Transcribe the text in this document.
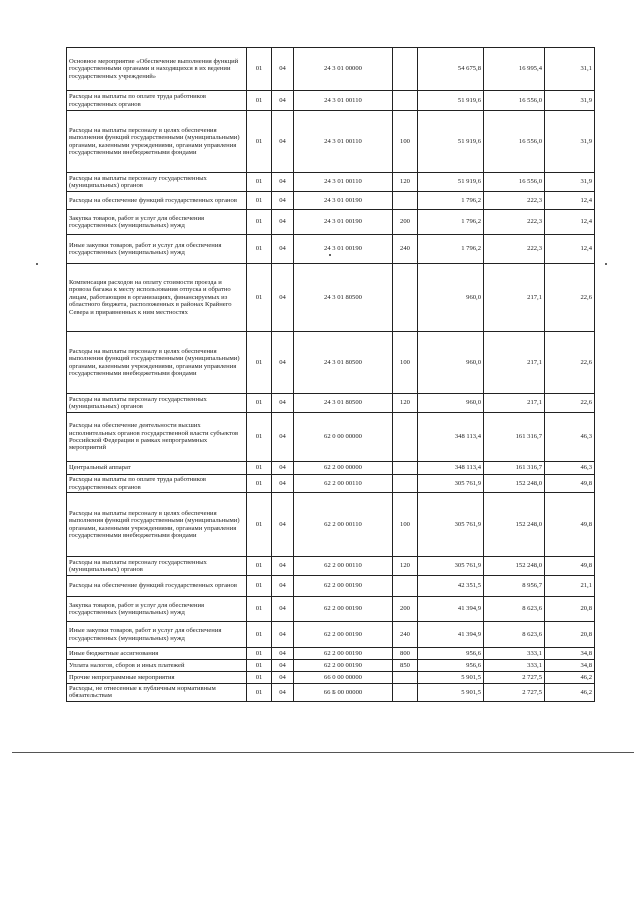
Основное мероприятие «Обеспечение выполнения функций государственными органами и находящихся в их ведении государственных учреждений»	01	04	24 3 01 00000		54 675,8	16 995,4	31,1
Расходы на выплаты по оплате труда работников государственных органов	01	04	24 3 01 00110		51 919,6	16 556,0	31,9
Расходы на выплаты персоналу в целях обеспечения выполнения функций государственными (муниципальными) органами, казенными учреждениями, органами управления государственными внебюджетными фондами	01	04	24 3 01 00110	100	51 919,6	16 556,0	31,9
Расходы на выплаты персоналу государственных (муниципальных) органов	01	04	24 3 01 00110	120	51 919,6	16 556,0	31,9
Расходы на обеспечение функций государственных органов	01	04	24 3 01 00190		1 796,2	222,3	12,4
Закупка товаров, работ и услуг для обеспечения государственных (муниципальных) нужд	01	04	24 3 01 00190	200	1 796,2	222,3	12,4
Иные закупки товаров, работ и услуг для обеспечения государственных (муниципальных) нужд	01	04	24 3 01 00190	240	1 796,2	222,3	12,4
Компенсация расходов на оплату стоимости проезда и провоза багажа к месту использования отпуска и обратно лицам, работающим в организациях, финансируемых из областного бюджета, расположенных в районах Крайнего Севера и приравненных к ним местностях	01	04	24 3 01 80500		960,0	217,1	22,6
Расходы на выплаты персоналу в целях обеспечения выполнения функций государственными (муниципальными) органами, казенными учреждениями, органами управления государственными внебюджетными фондами	01	04	24 3 01 80500	100	960,0	217,1	22,6
Расходы на выплаты персоналу государственных (муниципальных) органов	01	04	24 3 01 80500	120	960,0	217,1	22,6
Расходы на обеспечение деятельности высших исполнительных органов государственной власти субъектов Российской Федерации в рамках непрограммных мероприятий	01	04	62 0 00 00000		348 113,4	161 316,7	46,3
Центральный аппарат	01	04	62 2 00 00000		348 113,4	161 316,7	46,3
Расходы на выплаты по оплате труда работников государственных органов	01	04	62 2 00 00110		305 761,9	152 248,0	49,8
Расходы на выплаты персоналу в целях обеспечения выполнения функций государственными (муниципальными) органами, казенными учреждениями, органами управления государственными внебюджетными фондами	01	04	62 2 00 00110	100	305 761,9	152 248,0	49,8
Расходы на выплаты персоналу государственных (муниципальных) органов	01	04	62 2 00 00110	120	305 761,9	152 248,0	49,8
Расходы на обеспечение функций государственных органов	01	04	62 2 00 00190		42 351,5	8 956,7	21,1
Закупка товаров, работ и услуг для обеспечения государственных (муниципальных) нужд	01	04	62 2 00 00190	200	41 394,9	8 623,6	20,8
Иные закупки товаров, работ и услуг для обеспечения государственных (муниципальных) нужд	01	04	62 2 00 00190	240	41 394,9	8 623,6	20,8
Иные бюджетные ассигнования	01	04	62 2 00 00190	800	956,6	333,1	34,8
Уплата налогов, сборов и иных платежей	01	04	62 2 00 00190	850	956,6	333,1	34,8
Прочие непрограммные мероприятия	01	04	66 0 00 00000		5 901,5	2 727,5	46,2
Расходы, не отнесенные к публичным нормативным обязательствам	01	04	66 Б 00 00000		5 901,5	2 727,5	46,2
